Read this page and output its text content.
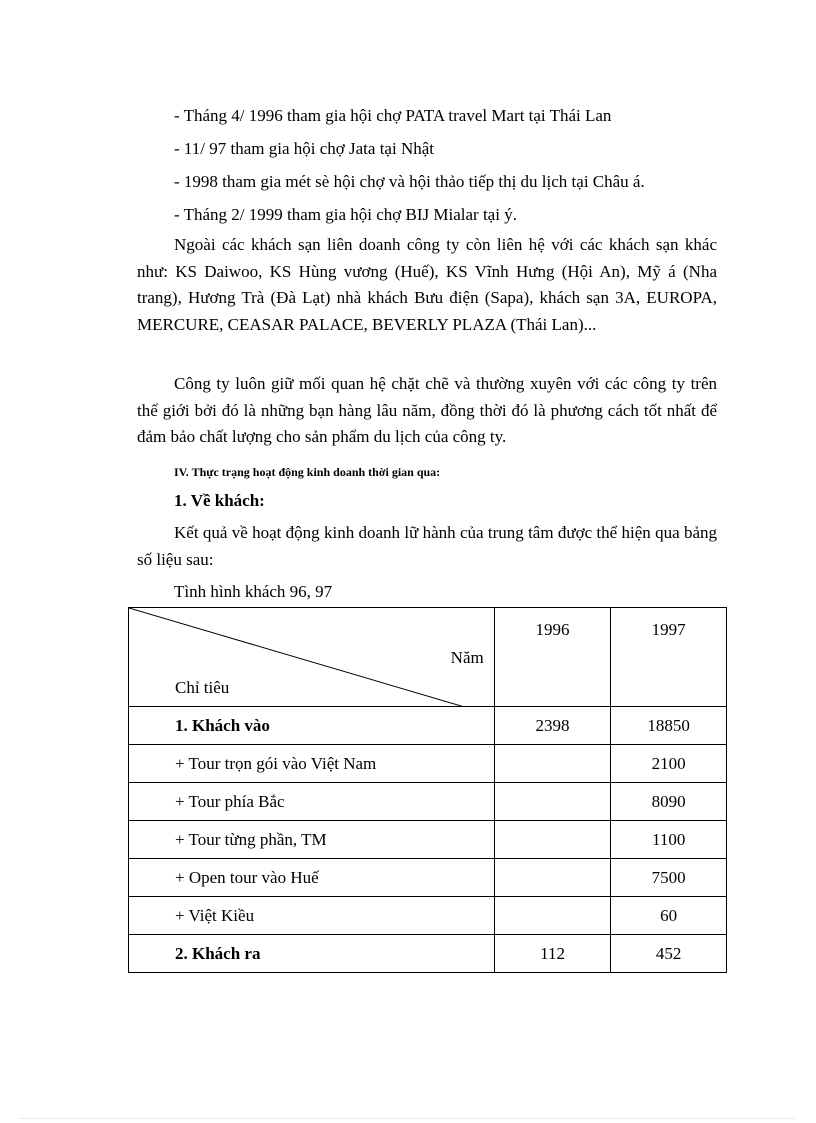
- Tháng 4/ 1996 tham gia hội chợ PATA travel Mart tại Thái Lan
- 11/ 97 tham gia hội chợ Jata tại Nhật
- 1998 tham gia mét sè hội chợ và hội thảo tiếp thị du lịch tại Châu á.
- Tháng 2/ 1999 tham gia hội chợ BIJ Mialar tại ý.
Ngoài các khách sạn liên doanh công ty còn liên hệ với các khách sạn khác như: KS Daiwoo, KS Hùng vương (Huế), KS Vĩnh Hưng (Hội An), Mỹ á (Nha trang), Hương Trà (Đà Lạt) nhà khách Bưu điện (Sapa), khách sạn 3A, EUROPA, MERCURE, CEASAR PALACE, BEVERLY PLAZA (Thái Lan)...
Công ty luôn giữ mối quan hệ chặt chẽ và thường xuyên với các công ty trên thế giới bởi đó là những bạn hàng lâu năm, đồng thời đó là phương cách tốt nhất để đảm bảo chất lượng cho sản phẩm du lịch của công ty.
IV. Thực trạng hoạt động kinh doanh thời gian qua:
1. Về khách:
Kết quả về hoạt động kinh doanh lữ hành của trung tâm được thể hiện qua bảng số liệu sau:
Tình hình khách 96, 97
Năm
Chỉ tiêu	1996	1997
1. Khách vào	2398	18850
+ Tour trọn gói vào Việt Nam		2100
+ Tour phía Bắc		8090
+ Tour từng phần, TM		1100
+ Open tour vào Huế		7500
+ Việt Kiều		60
2. Khách ra	112	452
